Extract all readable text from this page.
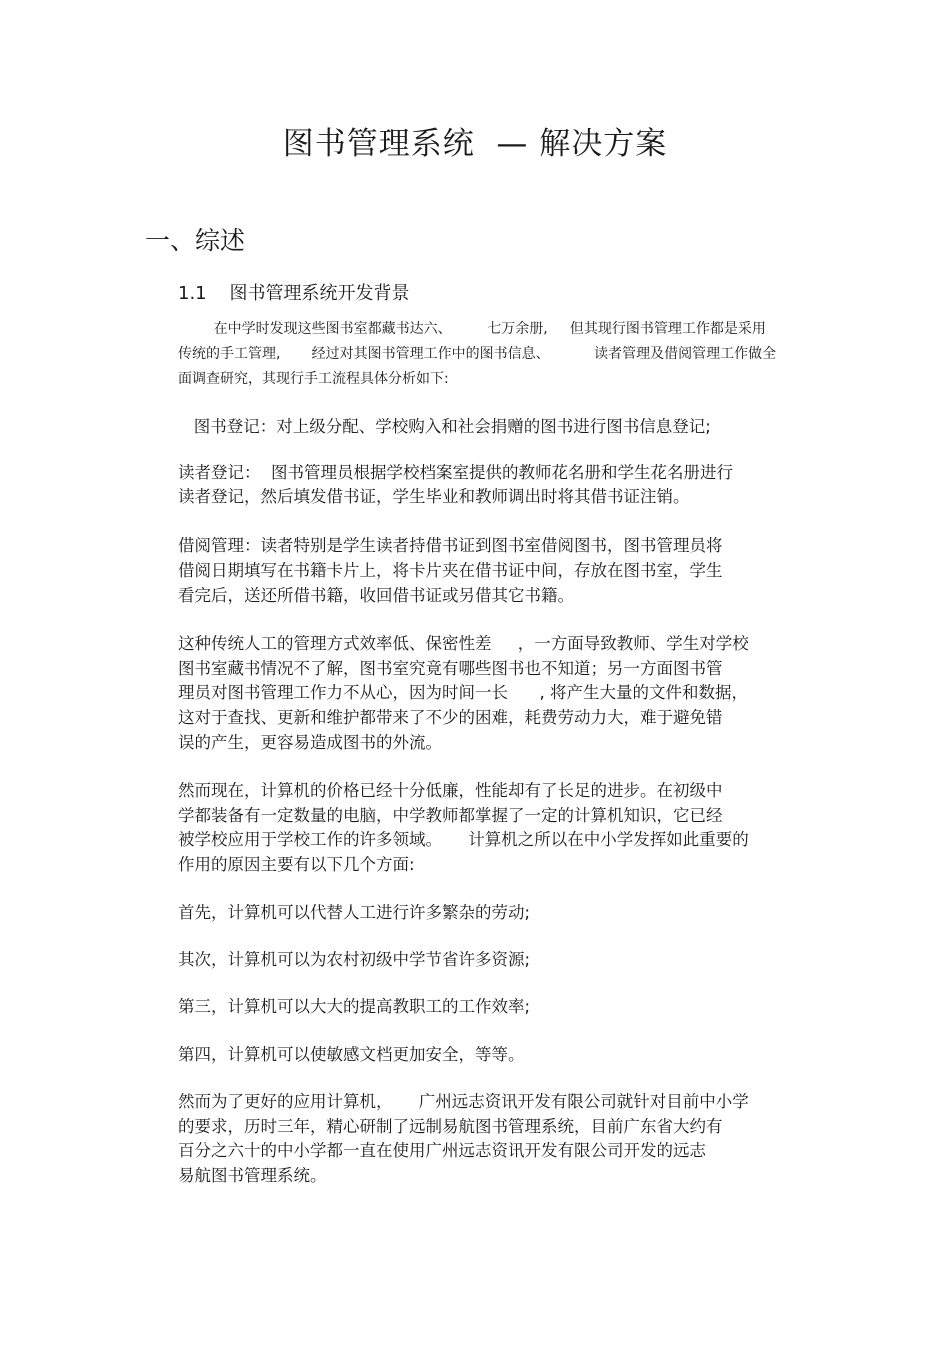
图书管理系统  — 解决方案
一、综述
1.1    图书管理系统开发背景
在中学时发现这些图书室都藏书达六、        七万余册,     但其现行图书管理工作都是采用
传统的手工管理,       经过对其图书管理工作中的图书信息、          读者管理及借阅管理工作做全
面调查研究，其现行手工流程具体分析如下:
图书登记：对上级分配、学校购入和社会捐赠的图书进行图书信息登记;
读者登记：  图书管理员根据学校档案室提供的教师花名册和学生花名册进行
读者登记，然后填发借书证，学生毕业和教师调出时将其借书证注销。
借阅管理：读者特别是学生读者持借书证到图书室借阅图书，图书管理员将
借阅日期填写在书籍卡片上，将卡片夹在借书证中间，存放在图书室，学生
看完后，送还所借书籍，收回借书证或另借其它书籍。
这种传统人工的管理方式效率低、保密性差     ，一方面导致教师、学生对学校
图书室藏书情况不了解，图书室究竟有哪些图书也不知道；另一方面图书管
理员对图书管理工作力不从心，因为时间一长      , 将产生大量的文件和数据，
这对于查找、更新和维护都带来了不少的困难，耗费劳动力大，难于避免错
误的产生，更容易造成图书的外流。
然而现在，计算机的价格已经十分低廉，性能却有了长足的进步。在初级中
学都装备有一定数量的电脑，中学教师都掌握了一定的计算机知识，它已经
被学校应用于学校工作的许多领域。     计算机之所以在中小学发挥如此重要的
作用的原因主要有以下几个方面:
首先，计算机可以代替人工进行许多繁杂的劳动;
其次，计算机可以为农村初级中学节省许多资源;
第三，计算机可以大大的提高教职工的工作效率;
第四，计算机可以使敏感文档更加安全，等等。
然而为了更好的应用计算机，     广州远志资讯开发有限公司就针对目前中小学
的要求，历时三年，精心研制了远制易航图书管理系统，目前广东省大约有
百分之六十的中小学都一直在使用广州远志资讯开发有限公司开发的远志
易航图书管理系统。
